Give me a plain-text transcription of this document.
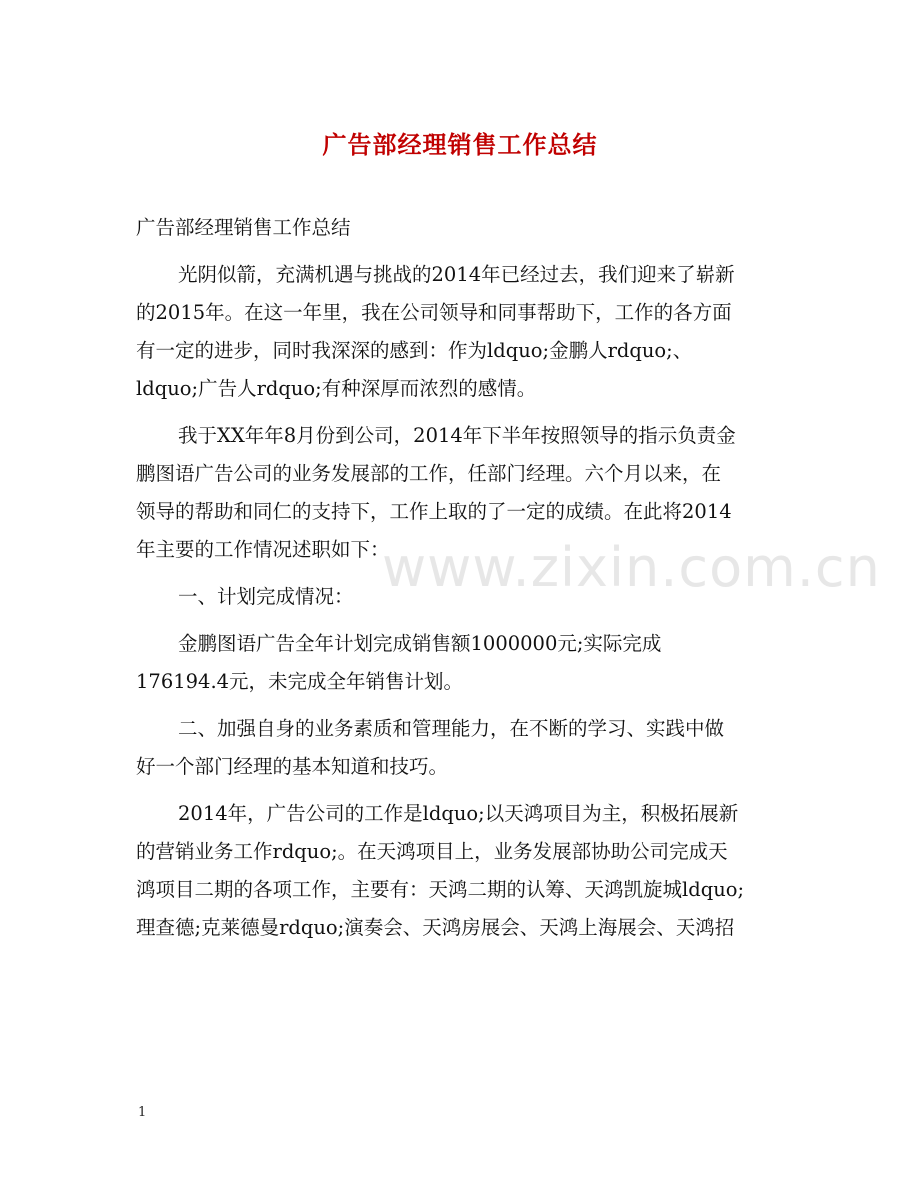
广告部经理销售工作总结
广告部经理销售工作总结
光阴似箭，充满机遇与挑战的2014年已经过去，我们迎来了崭新
的2015年。在这一年里，我在公司领导和同事帮助下，工作的各方面
有一定的进步，同时我深深的感到：作为ldquo;金鹏人rdquo;、
ldquo;广告人rdquo;有种深厚而浓烈的感情。
我于XX年年8月份到公司，2014年下半年按照领导的指示负责金
鹏图语广告公司的业务发展部的工作，任部门经理。六个月以来，在
领导的帮助和同仁的支持下，工作上取的了一定的成绩。在此将2014
年主要的工作情况述职如下：
一、计划完成情况：
金鹏图语广告全年计划完成销售额1000000元;实际完成
176194.4元，未完成全年销售计划。
二、加强自身的业务素质和管理能力，在不断的学习、实践中做
好一个部门经理的基本知道和技巧。
2014年，广告公司的工作是ldquo;以天鸿项目为主，积极拓展新
的营销业务工作rdquo;。在天鸿项目上，业务发展部协助公司完成天
鸿项目二期的各项工作，主要有：天鸿二期的认筹、天鸿凯旋城ldquo;
理查德;克莱德曼rdquo;演奏会、天鸿房展会、天鸿上海展会、天鸿招
www.zixin.com.cn
1
